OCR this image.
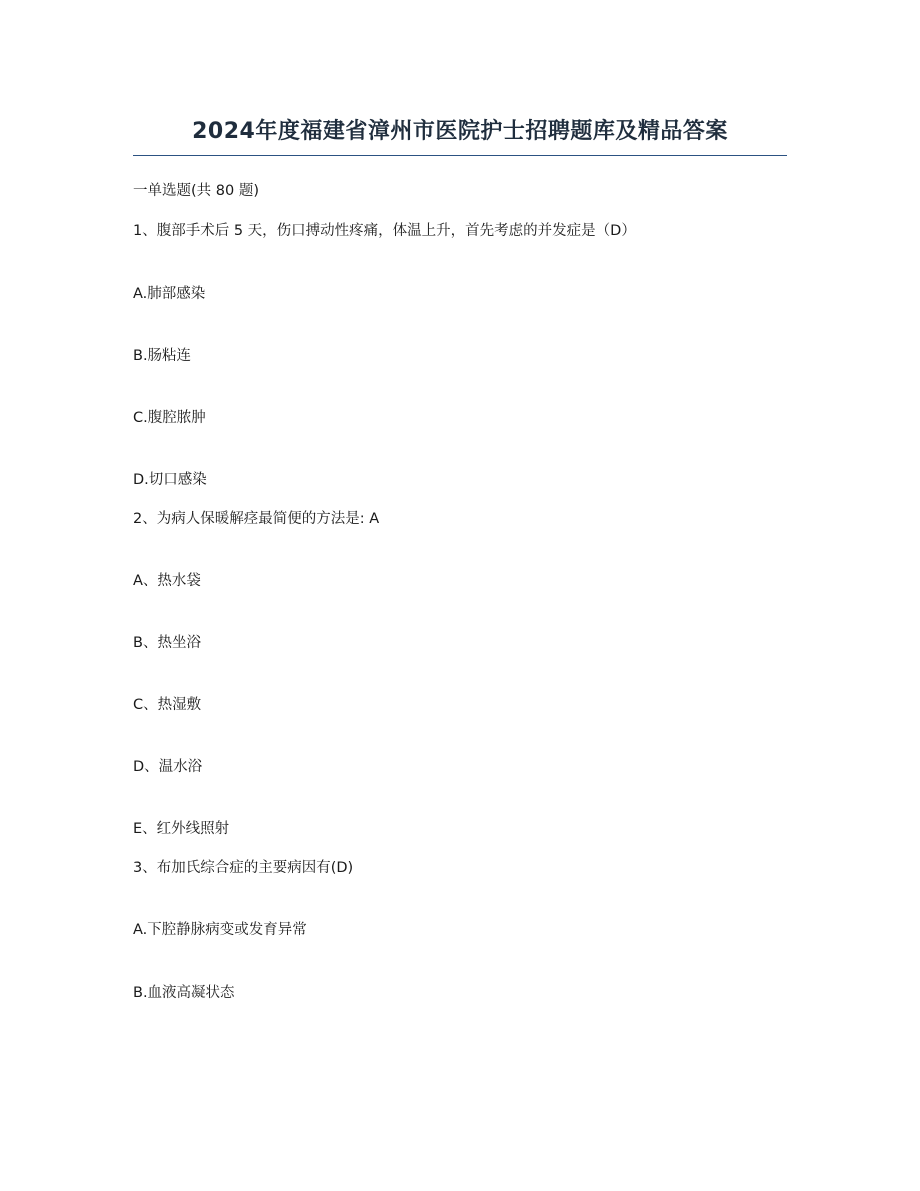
2024年度福建省漳州市医院护士招聘题库及精品答案
一单选题(共 80 题)
1、腹部手术后 5 天，伤口搏动性疼痛，体温上升，首先考虑的并发症是（D）
A.肺部感染
B.肠粘连
C.腹腔脓肿
D.切口感染
2、为病人保暖解痉最简便的方法是: A
A、热水袋
B、热坐浴
C、热湿敷
D、温水浴
E、红外线照射
3、布加氏综合症的主要病因有(D)
A.下腔静脉病变或发育异常
B.血液高凝状态
